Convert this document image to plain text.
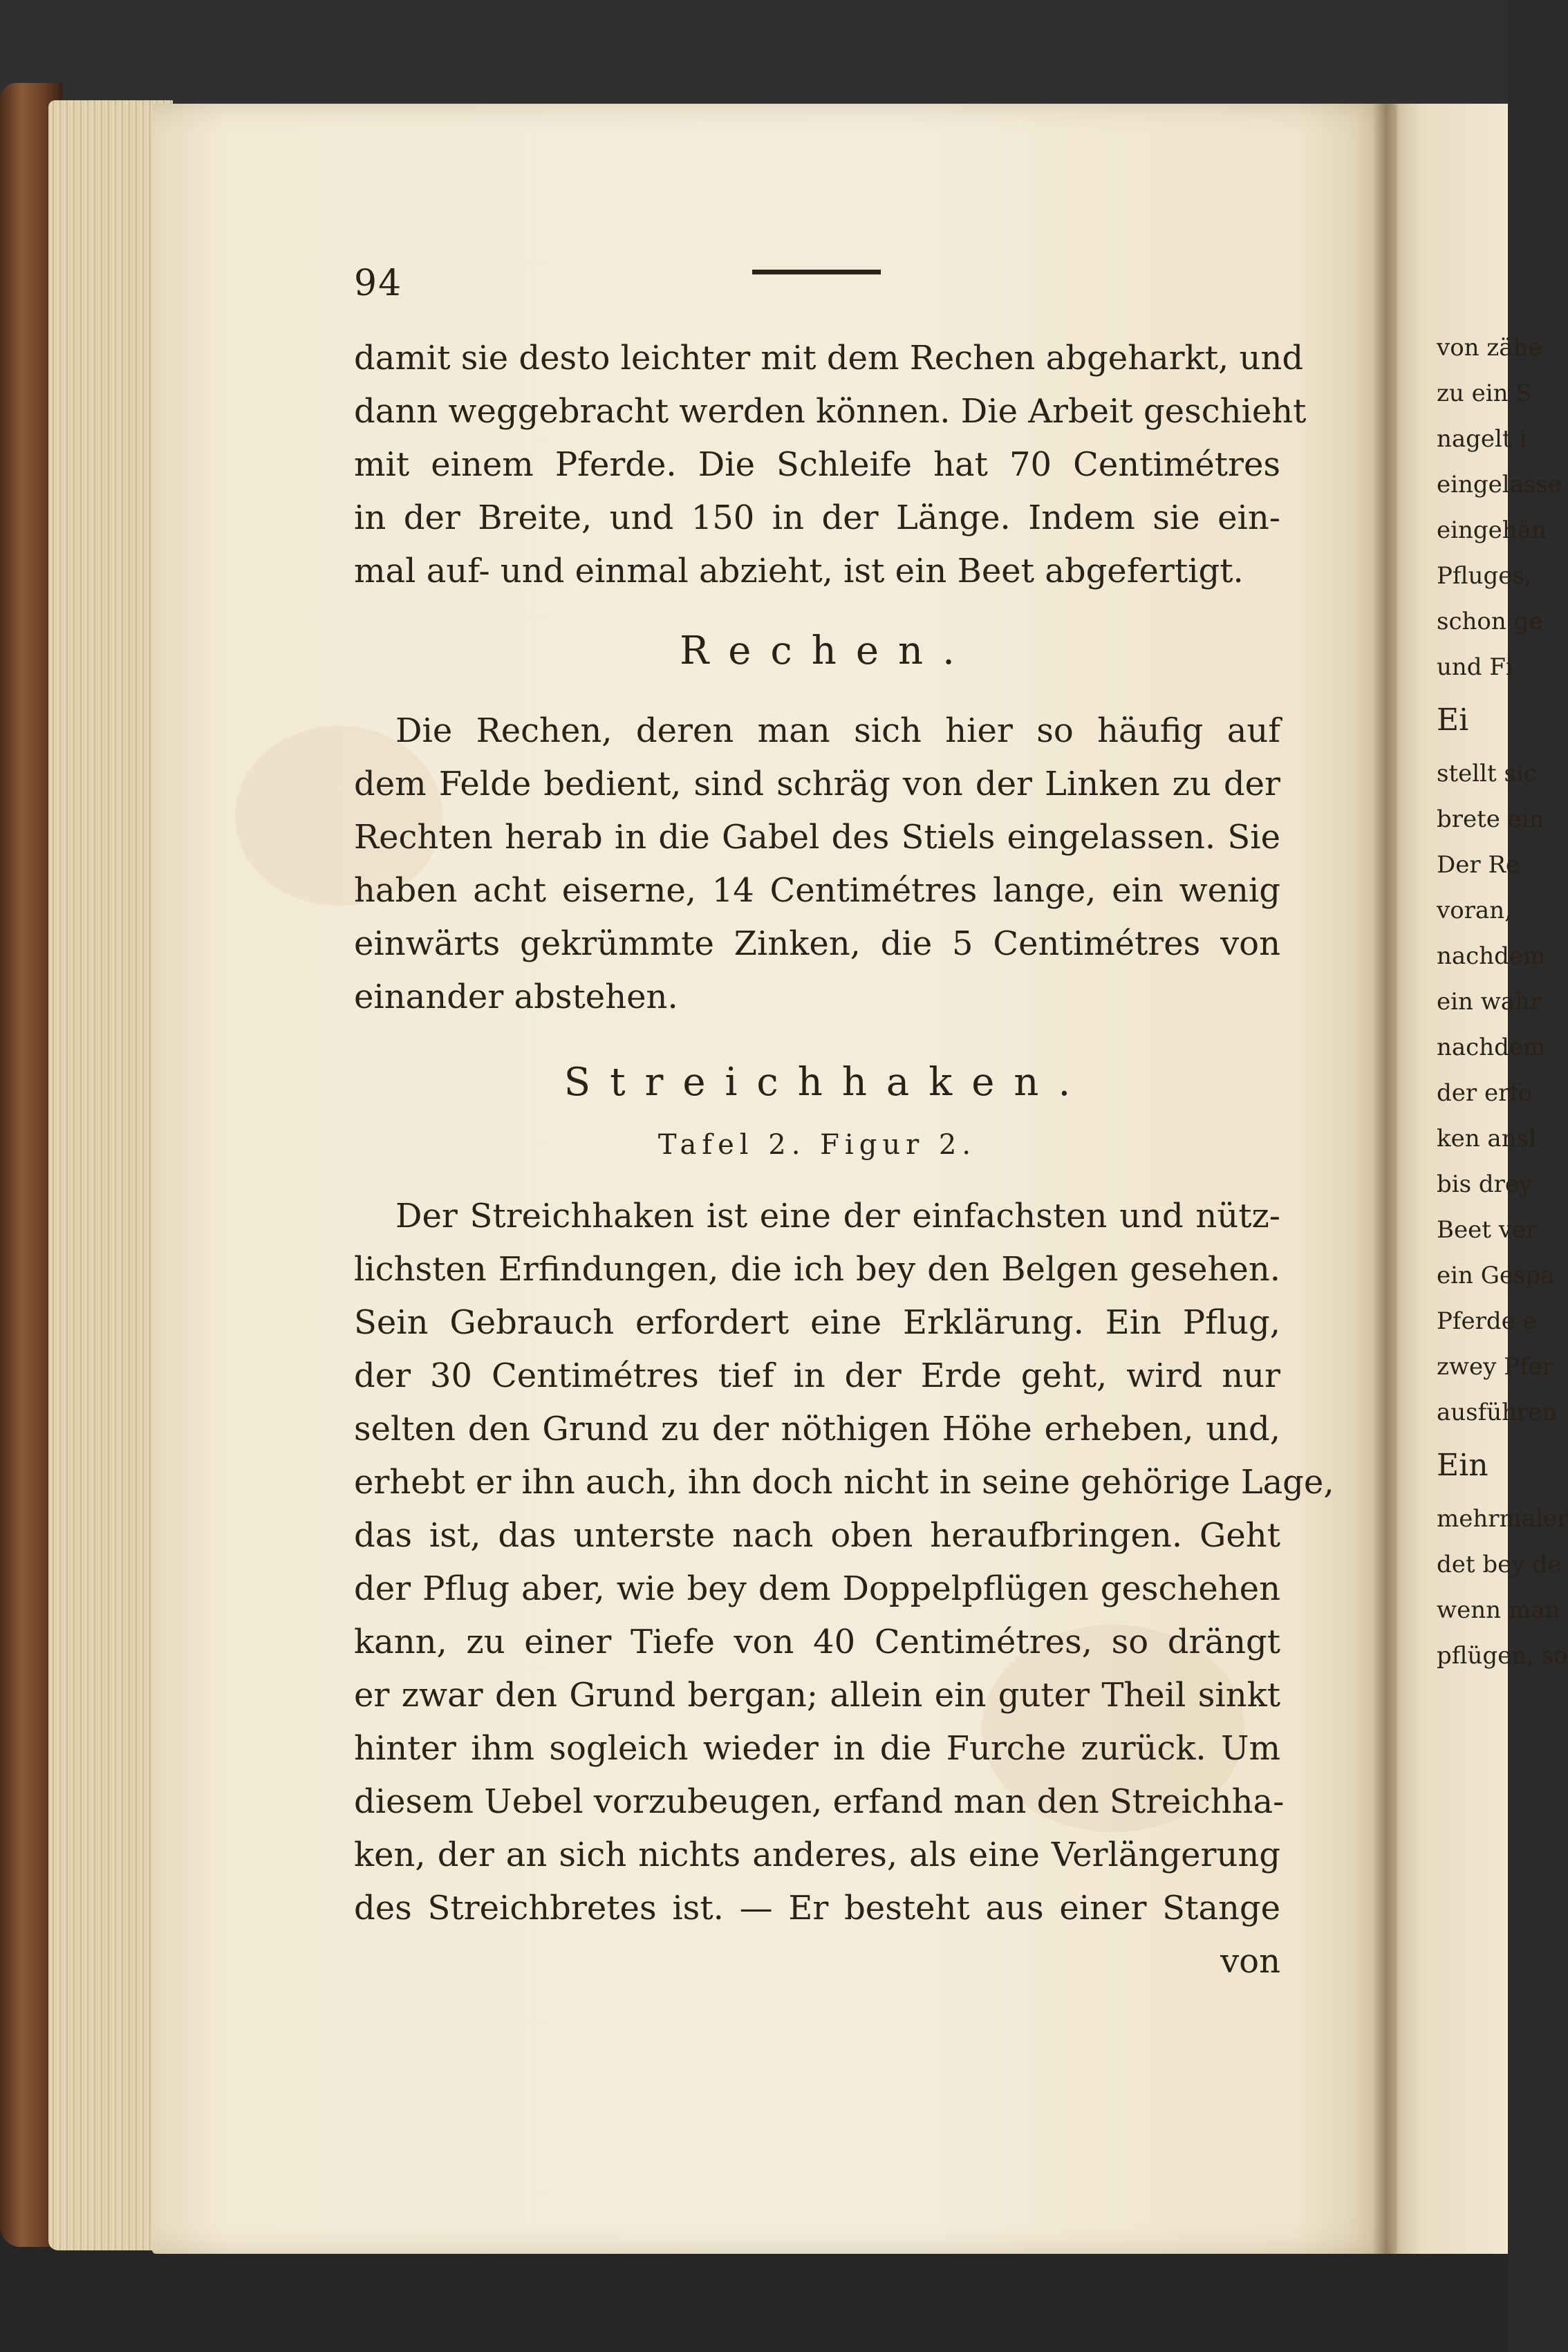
94
damit sie desto leichter mit dem Rechen abgeharkt, und
dann weggebracht werden können. Die Arbeit geschieht
mit einem Pferde. Die Schleife hat 70 Centimétres
in der Breite, und 150 in der Länge. Indem sie ein-
mal auf- und einmal abzieht, ist ein Beet abgefertigt.
Rechen.
Die Rechen, deren man sich hier so häufig auf
dem Felde bedient, sind schräg von der Linken zu der
Rechten herab in die Gabel des Stiels eingelassen. Sie
haben acht eiserne, 14 Centimétres lange, ein wenig
einwärts gekrümmte Zinken, die 5 Centimétres von
einander abstehen.
Streichhaken.
Tafel 2. Figur 2.
Der Streichhaken ist eine der einfachsten und nütz-
lichsten Erfindungen, die ich bey den Belgen gesehen.
Sein Gebrauch erfordert eine Erklärung. Ein Pflug,
der 30 Centimétres tief in der Erde geht, wird nur
selten den Grund zu der nöthigen Höhe erheben, und,
erhebt er ihn auch, ihn doch nicht in seine gehörige Lage,
das ist, das unterste nach oben heraufbringen. Geht
der Pflug aber, wie bey dem Doppelpflügen geschehen
kann, zu einer Tiefe von 40 Centimétres, so drängt
er zwar den Grund bergan; allein ein guter Theil sinkt
hinter ihm sogleich wieder in die Furche zurück. Um
diesem Uebel vorzubeugen, erfand man den Streichha-
ken, der an sich nichts anderes, als eine Verlängerung
des Streichbretes ist. — Er besteht aus einer Stange
von
von zähe
zu ein S
nagelt i
eingelasse
eingehän
Pfluges,
schon ge
und Fi
Ei
stellt sic
brete ein
Der Re
voran,
nachdem
ein wahr
nachdem
der erfo
ken ansl
bis drey
Beet ver
ein Gespa
Pferde e
zwey Pfer
ausführen
Ein
mehrmaler
det bey de
wenn man
pflügen, so
